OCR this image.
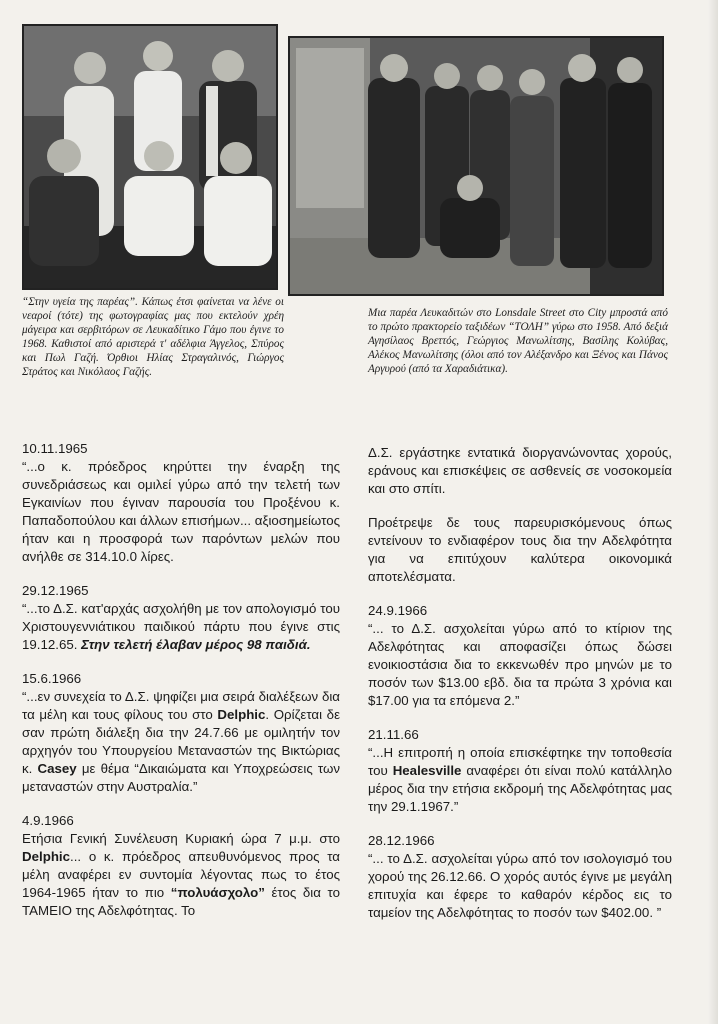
“Στην υγεία της παρέας”. Κάπως έτσι φαίνεται να λένε οι νεαροί (τότε) της φωτογραφίας μας που εκτελούν χρέη μάγειρα και σερβιτόρων σε Λευκαδίτικο Γάμο που έγινε το 1968. Καθιστοί από αριστερά τ' αδέλφια Άγγελος, Σπύρος και Πωλ Γαζή. Όρθιοι Ηλίας Στραγαλινός, Γιώργος Στράτος και Νικόλαος Γαζής.
Μια παρέα Λευκαδιτών στο Lonsdale Street στο City μπροστά από το πρώτο πρακτορείο ταξιδέων “ΤΟΛΗ” γύρω στο 1958. Από δεξιά Αγησίλαος Βρεττός, Γεώργιος Μανωλίτσης, Βασίλης Κολύβας, Αλέκος Μανωλίτσης (όλοι από τον Αλέξανδρο και Ξένος και Πάνος Αργυρού (από τα Χαραδιάτικα).
10.11.1965
“...ο κ. πρόεδρος κηρύττει την έναρξη της συνεδριάσεως και ομιλεί γύρω από την τελετή των Εγκαινίων που έγιναν παρουσία του Προξένου κ. Παπαδοπούλου και άλλων επισήμων... αξιοσημείωτος ήταν και η προσφορά των παρόντων μελών που ανήλθε σε 314.10.0 λίρες.
29.12.1965
“...το Δ.Σ. κατ'αρχάς ασχολήθη με τον απολογισμό του Χριστουγεννιάτικου παιδικού πάρτυ που έγινε στις 19.12.65. Στην τελετή έλαβαν μέρος 98 παιδιά.
15.6.1966
“...εν συνεχεία το Δ.Σ. ψηφίζει μια σειρά διαλέξεων δια τα μέλη και τους φίλους του στο Delphic. Ορίζεται δε σαν πρώτη διάλεξη δια την 24.7.66 με ομιλητήν τον αρχηγόν του Υπουργείου Μεταναστών της Βικτώριας κ. Casey με θέμα “Δικαιώματα και Υποχρεώσεις των μεταναστών στην Αυστραλία.”
4.9.1966
Ετήσια Γενική Συνέλευση Κυριακή ώρα 7 μ.μ. στο Delphic... ο κ. πρόεδρος απευθυνόμενος προς τα μέλη αναφέρει εν συντομία λέγοντας πως το έτος 1964-1965 ήταν το πιο “πολυάσχολο” έτος δια το ΤΑΜΕΙΟ της Αδελφότητας. Το
Δ.Σ. εργάστηκε εντατικά διοργανώνοντας χορούς, εράνους και επισκέψεις σε ασθενείς σε νοσοκομεία και στο σπίτι.
Προέτρεψε δε τους παρευρισκόμενους όπως εντείνουν το ενδιαφέρον τους δια την Αδελφότητα για να επιτύχουν καλύτερα οικονομικά αποτελέσματα.
24.9.1966
“... το Δ.Σ. ασχολείται γύρω από το κτίριον της Αδελφότητας και αποφασίζει όπως δώσει ενοικιοστάσια δια το εκκενωθέν προ μηνών με το ποσόν των $13.00 εβδ. δια τα πρώτα 3 χρόνια και $17.00 για τα επόμενα 2.”
21.11.66
“...Η επιτροπή η οποία επισκέφτηκε την τοποθεσία του Healesville αναφέρει ότι είναι πολύ κατάλληλο μέρος δια την ετήσια εκδρομή της Αδελφότητας μας την 29.1.1967.”
28.12.1966
“... το Δ.Σ. ασχολείται γύρω από τον ισολογισμό του χορού της 26.12.66. Ο χορός αυτός έγινε με μεγάλη επιτυχία και έφερε το καθαρόν κέρδος εις το ταμείον της Αδελφότητας το ποσόν των $402.00. ”
